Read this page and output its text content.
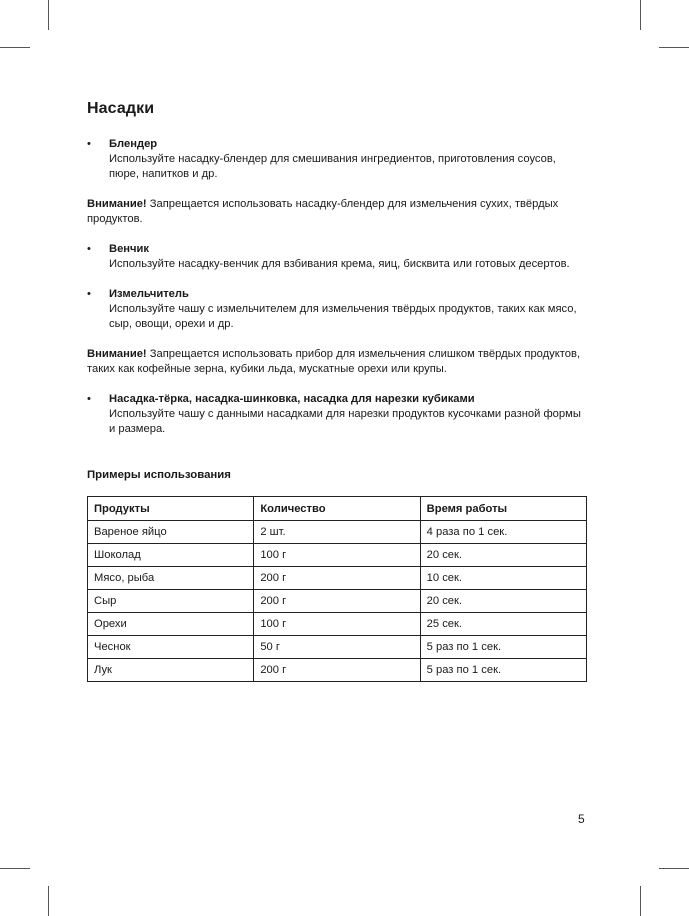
Насадки
• Блендер
Используйте насадку-блендер для смешивания ингредиентов, приготовления соусов, пюре, напитков и др.
Внимание! Запрещается использовать насадку-блендер для измельчения сухих, твёрдых продуктов.
• Венчик
Используйте насадку-венчик для взбивания крема, яиц, бисквита или готовых десертов.
• Измельчитель
Используйте чашу с измельчителем для измельчения твёрдых продуктов, таких как мясо, сыр, овощи, орехи и др.
Внимание! Запрещается использовать прибор для измельчения слишком твёрдых продуктов, таких как кофейные зерна, кубики льда, мускатные орехи или крупы.
• Насадка-тёрка, насадка-шинковка, насадка для нарезки кубиками
Используйте чашу с данными насадками для нарезки продуктов кусочками разной формы и размера.
Примеры использования
Продукты	Количество	Время работы
Вареное яйцо	2 шт.	4 раза по 1 сек.
Шоколад	100 г	20 сек.
Мясо, рыба	200 г	10 сек.
Сыр	200 г	20 сек.
Орехи	100 г	25 сек.
Чеснок	50 г	5 раз по 1 сек.
Лук	200 г	5 раз по 1 сек.
5
